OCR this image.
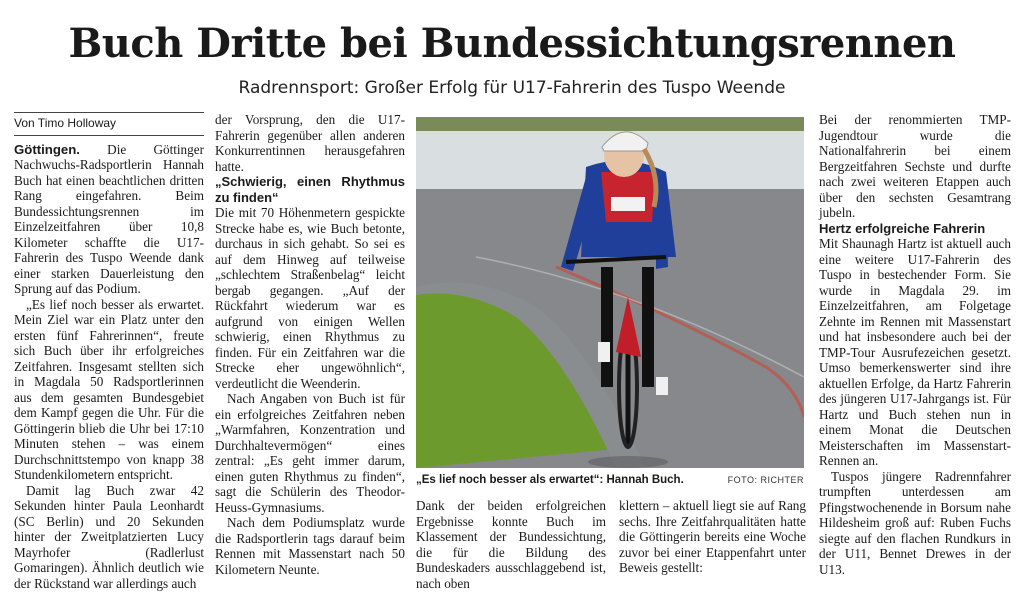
Buch Dritte bei Bundessichtungsrennen
Radrennsport: Großer Erfolg für U17-Fahrerin des Tuspo Weende
Von Timo Holloway

Göttingen. Die Göttinger Nachwuchs-Radsportlerin Hannah Buch hat einen beachtlichen dritten Rang eingefahren. Beim Bundessichtungsrennen im Einzelzeitfahren über 10,8 Kilometer schaffte die U17-Fahrerin des Tuspo Weende dank einer starken Dauerleistung den Sprung auf das Podium.

„Es lief noch besser als erwartet. Mein Ziel war ein Platz unter den ersten fünf Fahrerinnen“, freute sich Buch über ihr erfolgreiches Zeitfahren. Insgesamt stellten sich in Magdala 50 Radsportlerinnen aus dem gesamten Bundesgebiet dem Kampf gegen die Uhr. Für die Göttingerin blieb die Uhr bei 17:10 Minuten stehen – was einem Durchschnittstempo von knapp 38 Stundenkilometern entspricht.

Damit lag Buch zwar 42 Sekunden hinter Paula Leonhardt (SC Berlin) und 20 Sekunden hinter der Zweitplatzierten Lucy Mayrhofer (Radlerlust Gomaringen). Ähnlich deutlich wie der Rückstand war allerdings auch

der Vorsprung, den die U17-Fahrerin gegenüber allen anderen Konkurrentinnen herausgefahren hatte.

„Schwierig, einen Rhythmus zu finden“

Die mit 70 Höhenmetern gespickte Strecke habe es, wie Buch betonte, durchaus in sich gehabt. So sei es auf dem Hinweg auf teilweise „schlechtem Straßenbelag“ leicht bergab gegangen. „Auf der Rückfahrt wiederum war es aufgrund von einigen Wellen schwierig, einen Rhythmus zu finden. Für ein Zeitfahren war die Strecke eher ungewöhnlich“, verdeutlicht die Weenderin.

Nach Angaben von Buch ist für ein erfolgreiches Zeitfahren neben „Warmfahren, Konzentration und Durchhaltevermögen“ eines zentral: „Es geht immer darum, einen guten Rhythmus zu finden“, sagt die Schülerin des Theodor-Heuss-Gymnasiums.

Nach dem Podiumsplatz wurde die Radsportlerin tags darauf beim Rennen mit Massenstart nach 50 Kilometern Neunte.

„Es lief noch besser als erwartet“: Hannah Buch.	FOTO: RICHTER

Dank der beiden erfolgreichen Ergebnisse konnte Buch im Klassement der Bundessichtung, die für die Bildung des Bundeskaders ausschlaggebend ist, nach oben

klettern – aktuell liegt sie auf Rang sechs. Ihre Zeitfahrqualitäten hatte die Göttingerin bereits eine Woche zuvor bei einer Etappenfahrt unter Beweis gestellt:

Bei der renommierten TMP-Jugendtour wurde die Nationalfahrerin bei einem Bergzeitfahren Sechste und durfte nach zwei weiteren Etappen auch über den sechsten Gesamtrang jubeln.

Hertz erfolgreiche Fahrerin

Mit Shaunagh Hartz ist aktuell auch eine weitere U17-Fahrerin des Tuspo in bestechender Form. Sie wurde in Magdala 29. im Einzelzeitfahren, am Folgetage Zehnte im Rennen mit Massenstart und hat insbesondere auch bei der TMP-Tour Ausrufezeichen gesetzt. Umso bemerkenswerter sind ihre aktuellen Erfolge, da Hartz Fahrerin des jüngeren U17-Jahrgangs ist. Für Hartz und Buch stehen nun in einem Monat die Deutschen Meisterschaften im Massenstart-Rennen an.

Tuspos jüngere Radrennfahrer trumpften unterdessen am Pfingstwochenende in Borsum nahe Hildesheim groß auf: Ruben Fuchs siegte auf den flachen Rundkurs in der U11, Bennet Drewes in der U13.
